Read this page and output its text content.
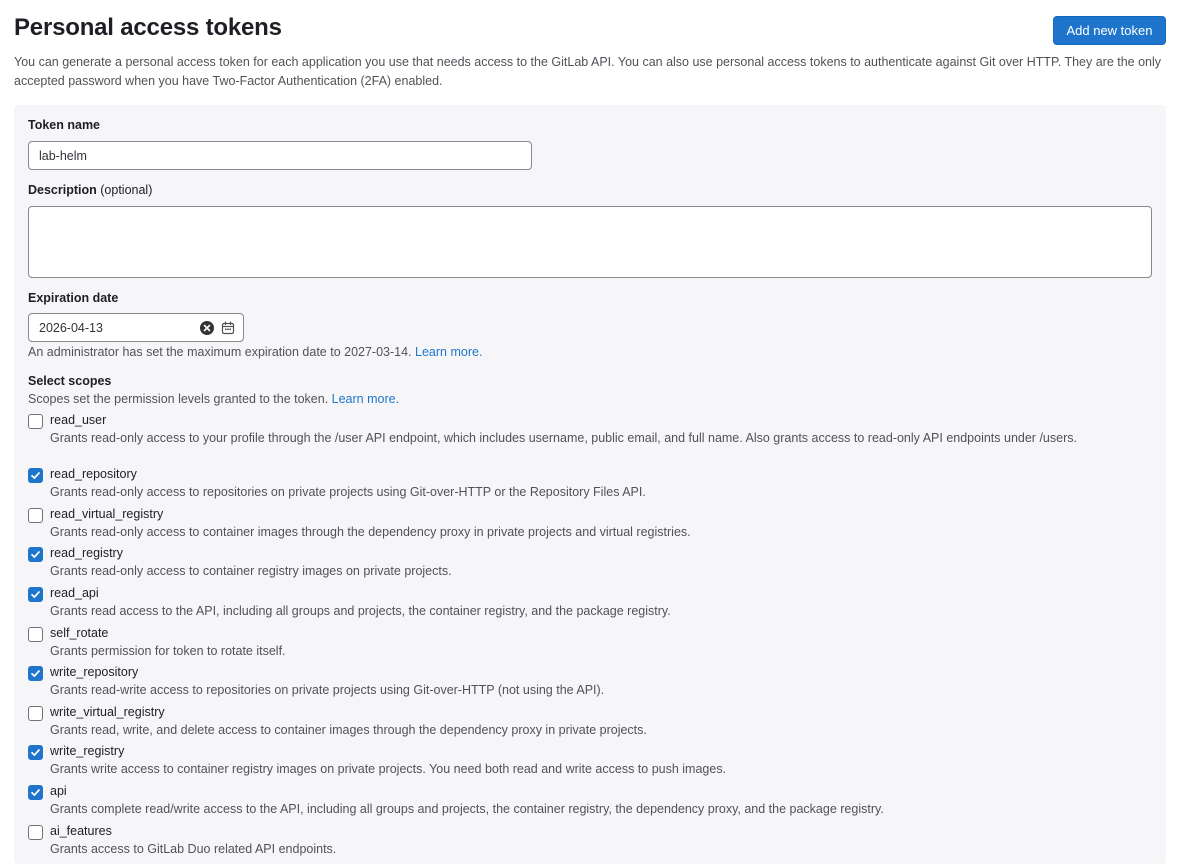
Personal access tokens	Add new token

You can generate a personal access token for each application you use that needs access to the GitLab API. You can also use personal access tokens to authenticate against Git over HTTP. They are the only accepted password when you have Two-Factor Authentication (2FA) enabled.

Token name
lab-helm
Description (optional)
Expiration date
2026-04-13

An administrator has set the maximum expiration date to 2027-03-14. Learn more.

Select scopes

Scopes set the permission levels granted to the token. Learn more.

read_user
Grants read-only access to your profile through the /user API endpoint, which includes username, public email, and full name. Also grants access to read-only API endpoints under /users.
read_repository
Grants read-only access to repositories on private projects using Git-over-HTTP or the Repository Files API.
read_virtual_registry
Grants read-only access to container images through the dependency proxy in private projects and virtual registries.
read_registry
Grants read-only access to container registry images on private projects.
read_api
Grants read access to the API, including all groups and projects, the container registry, and the package registry.
self_rotate
Grants permission for token to rotate itself.
write_repository
Grants read-write access to repositories on private projects using Git-over-HTTP (not using the API).
write_virtual_registry
Grants read, write, and delete access to container images through the dependency proxy in private projects.
write_registry
Grants write access to container registry images on private projects. You need both read and write access to push images.
api
Grants complete read/write access to the API, including all groups and projects, the container registry, the dependency proxy, and the package registry.
ai_features
Grants access to GitLab Duo related API endpoints.
